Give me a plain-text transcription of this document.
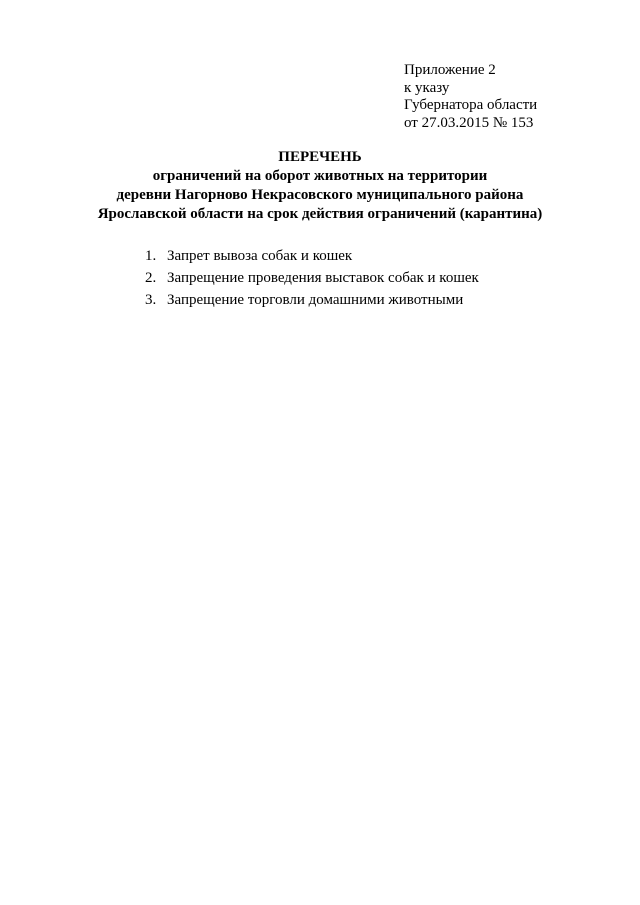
Приложение 2
к указу
Губернатора области
от 27.03.2015 № 153
ПЕРЕЧЕНЬ
ограничений на оборот животных на территории
деревни Нагорново Некрасовского муниципального района
Ярославской области на срок действия ограничений (карантина)
1. Запрет вывоза собак и кошек
2. Запрещение проведения выставок собак и кошек
3. Запрещение торговли домашними животными
